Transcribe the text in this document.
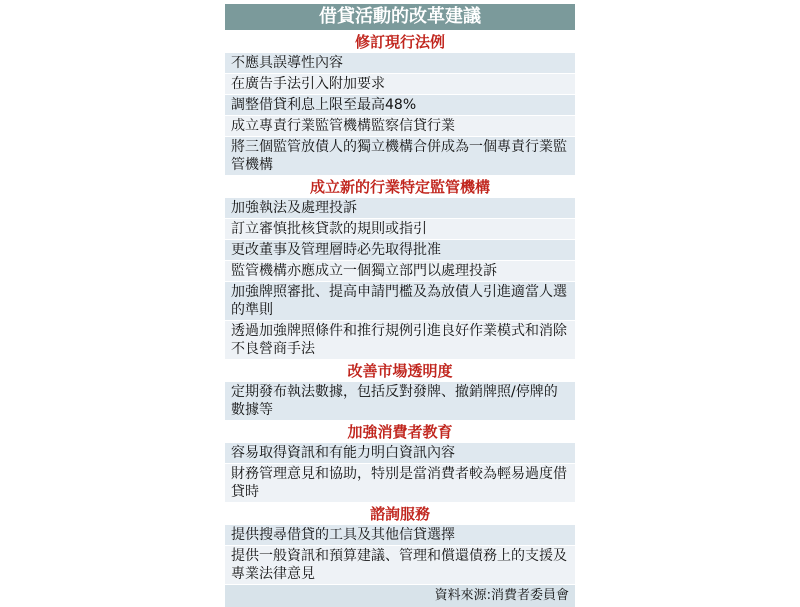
借貸活動的改革建議
修訂現行法例
不應具誤導性內容
在廣告手法引入附加要求
調整借貸利息上限至最高48%
成立專責行業監管機構監察信貸行業
將三個監管放債人的獨立機構合併成為一個專責行業監管機構
成立新的行業特定監管機構
加強執法及處理投訴
訂立審慎批核貸款的規則或指引
更改董事及管理層時必先取得批准
監管機構亦應成立一個獨立部門以處理投訴
加強牌照審批、提高申請門檻及為放債人引進適當人選的準則
透過加強牌照條件和推行規例引進良好作業模式和消除不良營商手法
改善市場透明度
定期發布執法數據，包括反對發牌、撤銷牌照/停牌的數據等
加強消費者教育
容易取得資訊和有能力明白資訊內容
財務管理意見和協助，特別是當消費者較為輕易過度借貸時
諮詢服務
提供搜尋借貸的工具及其他信貸選擇
提供一般資訊和預算建議、管理和償還債務上的支援及專業法律意見
資料來源:消費者委員會
